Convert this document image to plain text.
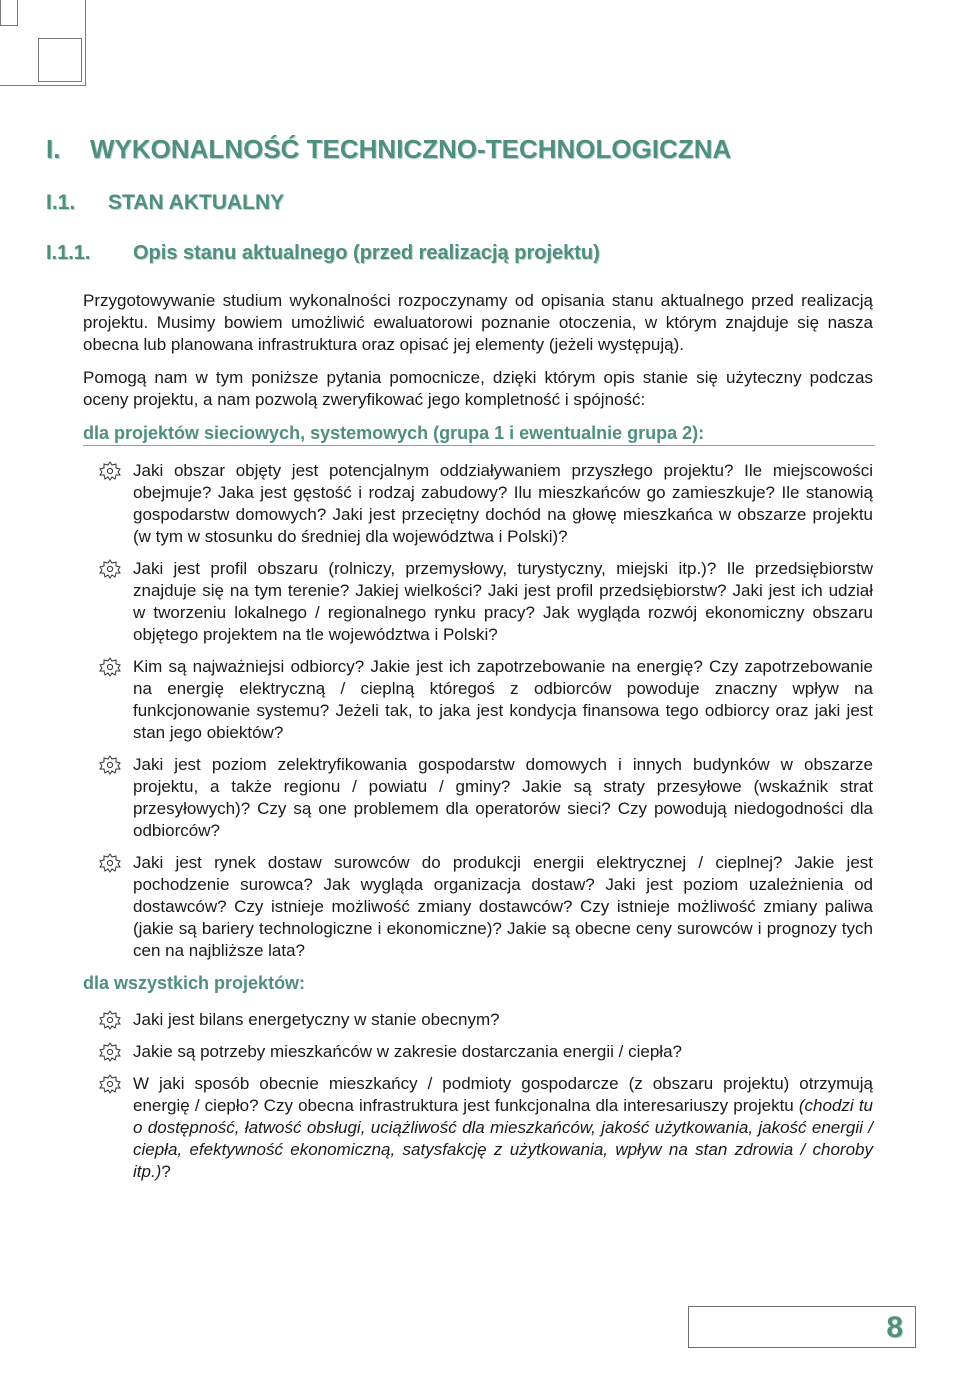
I. WYKONALNOŚĆ TECHNICZNO-TECHNOLOGICZNA
I.1. STAN AKTUALNY
I.1.1. Opis stanu aktualnego (przed realizacją projektu)

Przygotowywanie studium wykonalności rozpoczynamy od opisania stanu aktualnego przed realizacją projektu. Musimy bowiem umożliwić ewaluatorowi poznanie otoczenia, w którym znajduje się nasza obecna lub planowana infrastruktura oraz opisać jej elementy (jeżeli występują).

Pomogą nam w tym poniższe pytania pomocnicze, dzięki którym opis stanie się użyteczny podczas oceny projektu, a nam pozwolą zweryfikować jego kompletność i spójność:

dla projektów sieciowych, systemowych (grupa 1 i ewentualnie grupa 2):
Jaki obszar objęty jest potencjalnym oddziaływaniem przyszłego projektu? Ile miejscowości obejmuje? Jaka jest gęstość i rodzaj zabudowy? Ilu mieszkańców go zamieszkuje? Ile stanowią gospodarstw domowych? Jaki jest przeciętny dochód na głowę mieszkańca w obszarze projektu (w tym w stosunku do średniej dla województwa i Polski)?
Jaki jest profil obszaru (rolniczy, przemysłowy, turystyczny, miejski itp.)? Ile przedsiębiorstw znajduje się na tym terenie? Jakiej wielkości? Jaki jest profil przedsiębiorstw? Jaki jest ich udział w tworzeniu lokalnego / regionalnego rynku pracy? Jak wygląda rozwój ekonomiczny obszaru objętego projektem na tle województwa i Polski?
Kim są najważniejsi odbiorcy? Jakie jest ich zapotrzebowanie na energię? Czy zapotrzebowanie na energię elektryczną / cieplną któregoś z odbiorców powoduje znaczny wpływ na funkcjonowanie systemu? Jeżeli tak, to jaka jest kondycja finansowa tego odbiorcy oraz jaki jest stan jego obiektów?
Jaki jest poziom zelektryfikowania gospodarstw domowych i innych budynków w obszarze projektu, a także regionu / powiatu / gminy? Jakie są straty przesyłowe (wskaźnik strat przesyłowych)? Czy są one problemem dla operatorów sieci? Czy powodują niedogodności dla odbiorców?
Jaki jest rynek dostaw surowców do produkcji energii elektrycznej / cieplnej? Jakie jest pochodzenie surowca? Jak wygląda organizacja dostaw? Jaki jest poziom uzależnienia od dostawców? Czy istnieje możliwość zmiany dostawców? Czy istnieje możliwość zmiany paliwa (jakie są bariery technologiczne i ekonomiczne)? Jakie są obecne ceny surowców i prognozy tych cen na najbliższe lata?
dla wszystkich projektów:
Jaki jest bilans energetyczny w stanie obecnym?
Jakie są potrzeby mieszkańców w zakresie dostarczania energii / ciepła?
W jaki sposób obecnie mieszkańcy / podmioty gospodarcze (z obszaru projektu) otrzymują energię / ciepło? Czy obecna infrastruktura jest funkcjonalna dla interesariuszy projektu (chodzi tu o dostępność, łatwość obsługi, uciążliwość dla mieszkańców, jakość użytkowania, jakość energii / ciepła, efektywność ekonomiczną, satysfakcję z użytkowania, wpływ na stan zdrowia / choroby itp.)?
8
